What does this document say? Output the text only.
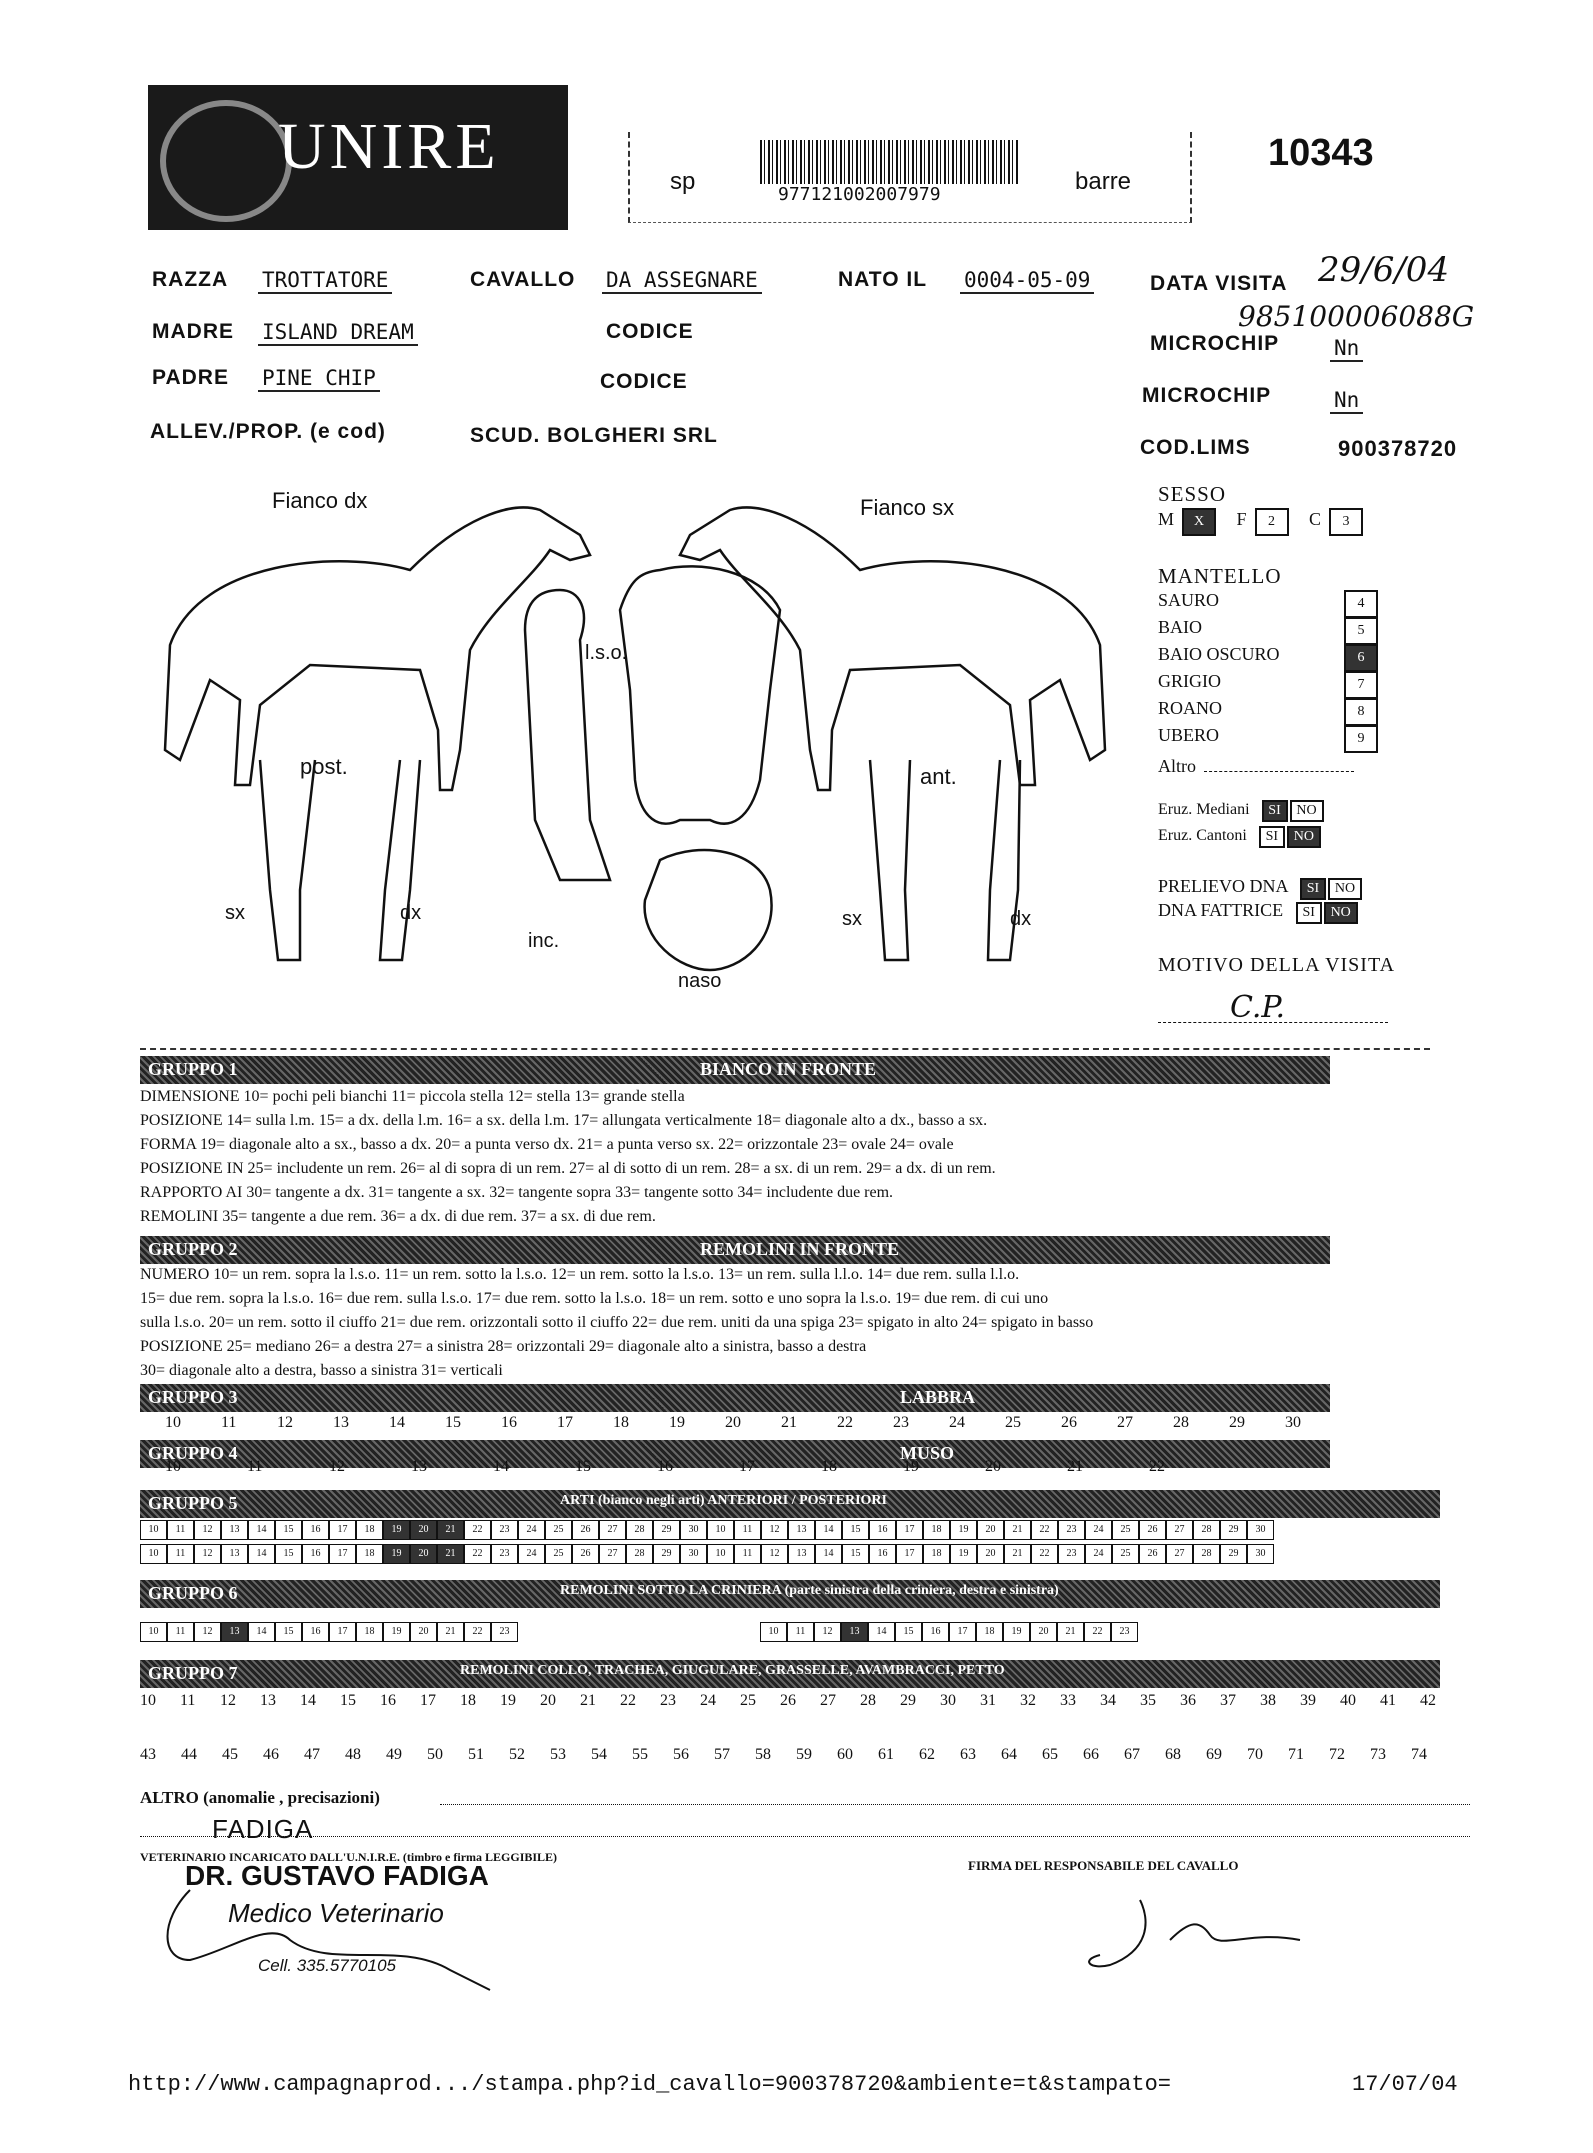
UNIRE	sp	977121002007979	barre
10343
RAZZA TROTTATORE	CAVALLO DA ASSEGNARE	NATO IL 0004-05-09	DATA VISITA 29/6/04
MADRE ISLAND DREAM	CODICE	985100006088G
MICROCHIP	Nn
PADRE PINE CHIP	CODICE
MICROCHIP	Nn
ALLEV./PROP. (e cod)	SCUD. BOLGHERI SRL
COD.LIMS	900378720
Fianco dx	Fianco sx
l.s.o.
post.	ant.
sx	dx	sx	dx
inc.
naso
SESSO
M X F 2 C 3
MANTELLO
SAURO	4
BAIO	5
BAIO OSCURO	6
GRIGIO	7
ROANO	8
UBERO	9
Altro
Eruz. Mediani SI NO
Eruz. Cantoni SI NO
PRELIEVO DNA SI NO
DNA FATTRICE SI NO
MOTIVO DELLA VISITA
C.P.
GRUPPO 1	BIANCO IN FRONTE
DIMENSIONE 10= pochi peli bianchi 11= piccola stella 12= stella 13= grande stella
POSIZIONE 14= sulla l.m. 15= a dx. della l.m. 16= a sx. della l.m. 17= allungata verticalmente 18= diagonale alto a dx., basso a sx.
FORMA 19= diagonale alto a sx., basso a dx. 20= a punta verso dx. 21= a punta verso sx. 22= orizzontale 23= ovale 24= ovale
POSIZIONE IN 25= includente un rem. 26= al di sopra di un rem. 27= al di sotto di un rem. 28= a sx. di un rem. 29= a dx. di un rem.
RAPPORTO AI 30= tangente a dx. 31= tangente a sx. 32= tangente sopra 33= tangente sotto 34= includente due rem.
REMOLINI 35= tangente a due rem. 36= a dx. di due rem. 37= a sx. di due rem.
GRUPPO 2	REMOLINI IN FRONTE
NUMERO 10= un rem. sopra la l.s.o. 11= un rem. sotto la l.s.o. 12= un rem. sotto la l.s.o. 13= un rem. sulla l.l.o. 14= due rem. sulla l.l.o.
15= due rem. sopra la l.s.o. 16= due rem. sulla l.s.o. 17= due rem. sotto la l.s.o. 18= un rem. sotto e uno sopra la l.s.o. 19= due rem. di cui uno
sulla l.s.o. 20= un rem. sotto il ciuffo 21= due rem. orizzontali sotto il ciuffo 22= due rem. uniti da una spiga 23= spigato in alto 24= spigato in basso
POSIZIONE 25= mediano 26= a destra 27= a sinistra 28= orizzontali 29= diagonale alto a sinistra, basso a destra
30= diagonale alto a destra, basso a sinistra 31= verticali
GRUPPO 3	LABBRA
10	11	12	13	14	15	16	17	18	19	20	21	22	23	24	25	26	27	28	29	30
GRUPPO 4	MUSO
10	11	12	13	14	15	16	17	18	19	20	21	22
GRUPPO 5	ARTI (bianco negli arti) ANTERIORI / POSTERIORI
10	11	12	13	14	15	16	17	18	19	20	21	22	23	24	25	26	27	28	29	30	10	11	12	13	14	15	16	17	18	19	20	21	22	23	24	25	26	27	28	29	30
10	11	12	13	14	15	16	17	18	19	20	21	22	23	24	25	26	27	28	29	30	10	11	12	13	14	15	16	17	18	19	20	21	22	23	24	25	26	27	28	29	30
GRUPPO 6	REMOLINI SOTTO LA CRINIERA (parte sinistra della criniera, destra e sinistra)
10	11	12	13	14	15	16	17	18	19	20	21	22	23	10	11	12	13	14	15	16	17	18	19	20	21	22	23
GRUPPO 7	REMOLINI COLLO, TRACHEA, GIUGULARE, GRASSELLE, AVAMBRACCI, PETTO
10	11	12	13	14	15	16	17	18	19	20	21	22	23	24	25	26	27	28	29	30	31	32	33	34	35	36	37	38	39	40	41	42
43	44	45	46	47	48	49	50	51	52	53	54	55	56	57	58	59	60	61	62	63	64	65	66	67	68	69	70	71	72	73	74
ALTRO (anomalie , precisazioni)
FADIGA
VETERINARIO INCARICATO DALL'U.N.I.R.E. (timbro e firma LEGGIBILE)
FIRMA DEL RESPONSABILE DEL CAVALLO
DR. GUSTAVO FADIGA
Medico Veterinario
Cell. 335.5770105
http://www.campagnaprod.../stampa.php?id_cavallo=900378720&ambiente=t&stampato=	17/07/04
